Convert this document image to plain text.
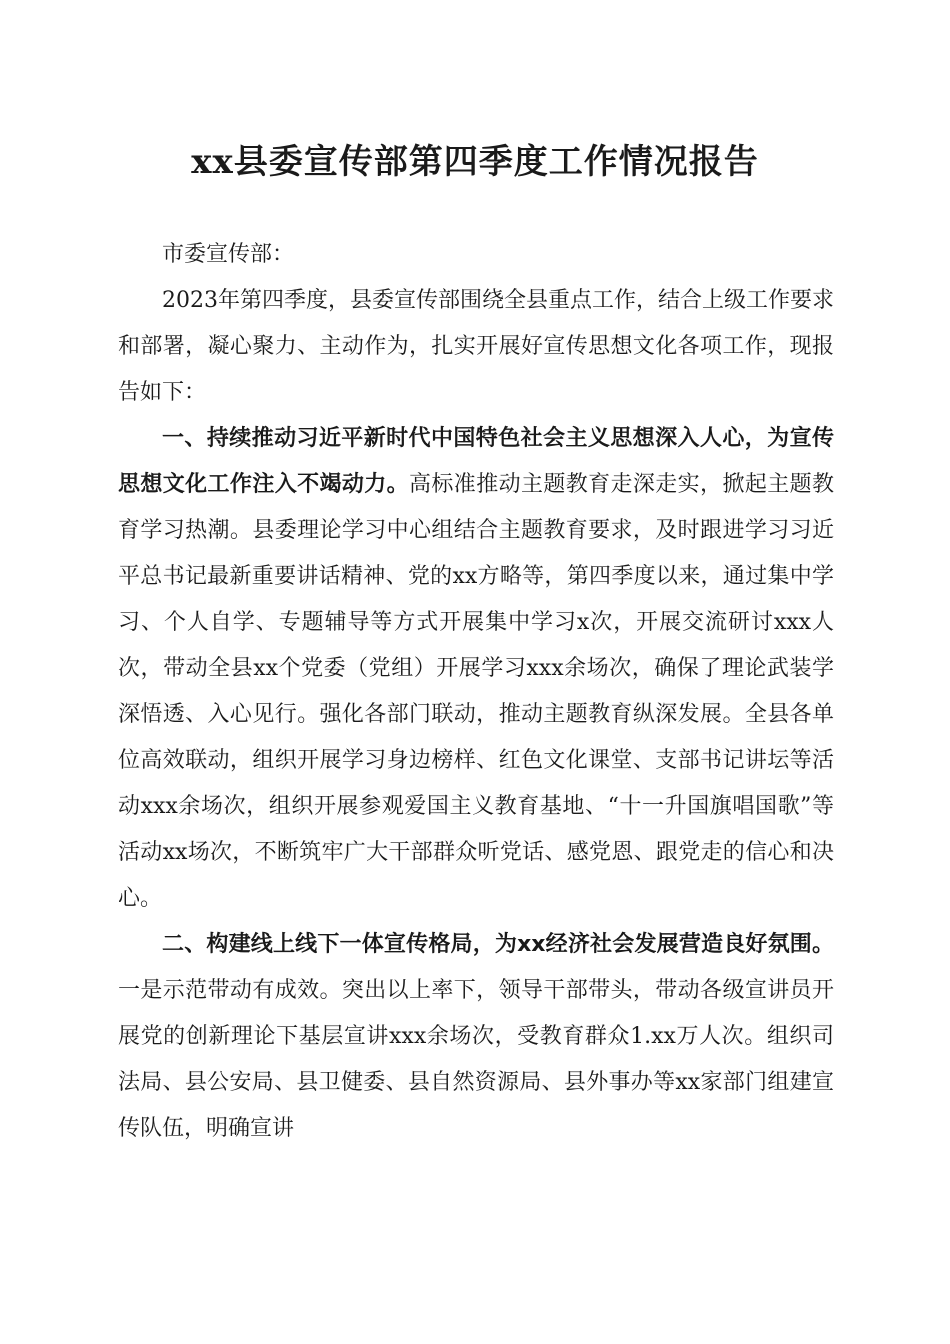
xx县委宣传部第四季度工作情况报告

市委宣传部：

2023年第四季度，县委宣传部围绕全县重点工作，结合上级工作要求和部署，凝心聚力、主动作为，扎实开展好宣传思想文化各项工作，现报告如下：

一、持续推动习近平新时代中国特色社会主义思想深入人心，为宣传思想文化工作注入不竭动力。高标准推动主题教育走深走实，掀起主题教育学习热潮。县委理论学习中心组结合主题教育要求，及时跟进学习习近平总书记最新重要讲话精神、党的xx方略等，第四季度以来，通过集中学习、个人自学、专题辅导等方式开展集中学习x次，开展交流研讨xxx人次，带动全县xx个党委（党组）开展学习xxx余场次，确保了理论武装学深悟透、入心见行。强化各部门联动，推动主题教育纵深发展。全县各单位高效联动，组织开展学习身边榜样、红色文化课堂、支部书记讲坛等活动xxx余场次，组织开展参观爱国主义教育基地、“十一升国旗唱国歌”等活动xx场次，不断筑牢广大干部群众听党话、感党恩、跟党走的信心和决心。

二、构建线上线下一体宣传格局，为xx经济社会发展营造良好氛围。一是示范带动有成效。突出以上率下，领导干部带头，带动各级宣讲员开展党的创新理论下基层宣讲xxx余场次，受教育群众1.xx万人次。组织司法局、县公安局、县卫健委、县自然资源局、县外事办等xx家部门组建宣传队伍，明确宣讲
